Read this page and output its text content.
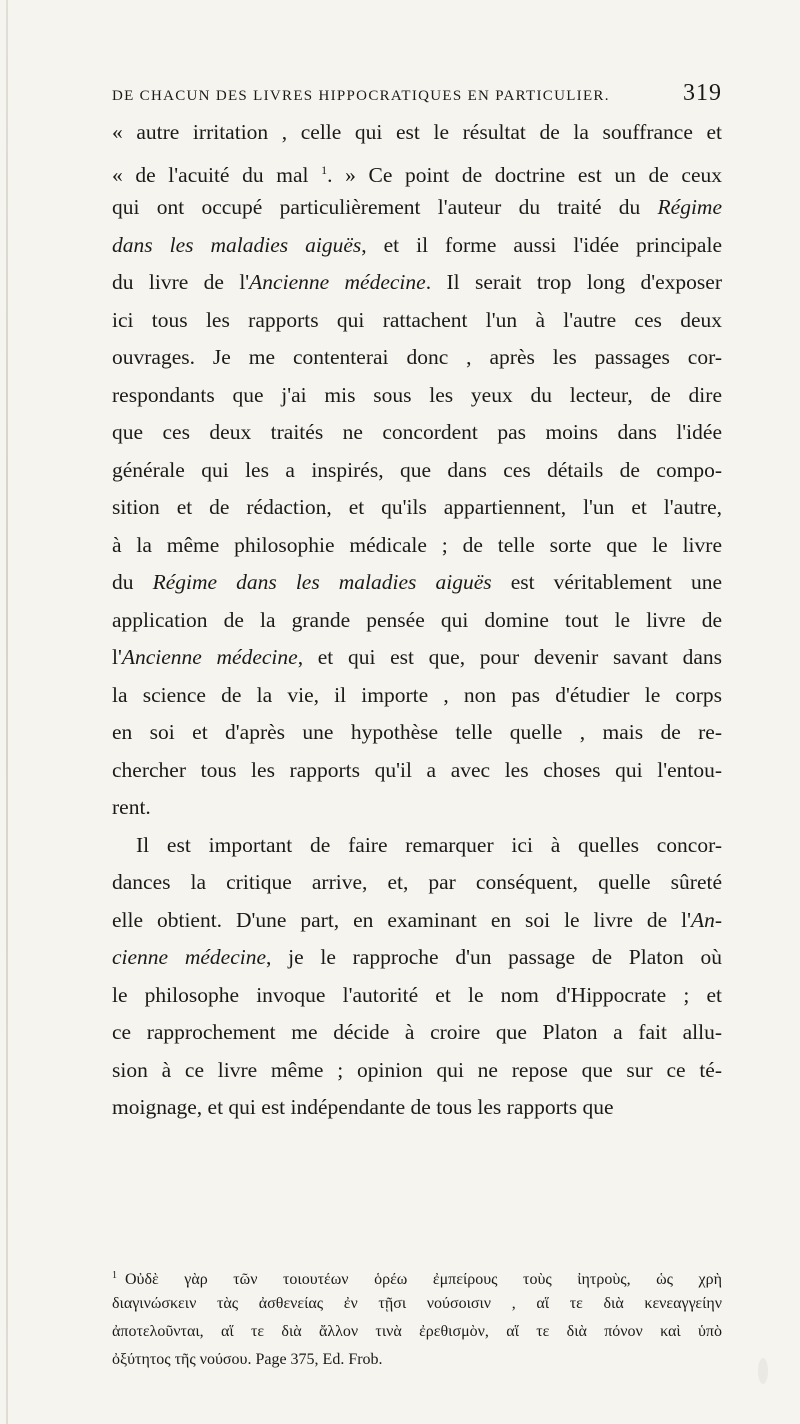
DE CHACUN DES LIVRES HIPPOCRATIQUES EN PARTICULIER.	319
« autre irritation , celle qui est le résultat de la souffrance et
« de l'acuité du mal $^1$. » Ce point de doctrine est un de ceux
qui ont occupé particulièrement l'auteur du traité du Régime
dans les maladies aiguës, et il forme aussi l'idée principale
du livre de l'Ancienne médecine. Il serait trop long d'exposer
ici tous les rapports qui rattachent l'un à l'autre ces deux
ouvrages. Je me contenterai donc , après les passages cor-
respondants que j'ai mis sous les yeux du lecteur, de dire
que ces deux traités ne concordent pas moins dans l'idée
générale qui les a inspirés, que dans ces détails de compo-
sition et de rédaction, et qu'ils appartiennent, l'un et l'autre,
à la même philosophie médicale ; de telle sorte que le livre
du Régime dans les maladies aiguës est véritablement une
application de la grande pensée qui domine tout le livre de
l'Ancienne médecine, et qui est que, pour devenir savant dans
la science de la vie, il importe , non pas d'étudier le corps
en soi et d'après une hypothèse telle quelle , mais de re-
chercher tous les rapports qu'il a avec les choses qui l'entou-
rent.
Il est important de faire remarquer ici à quelles concor-
dances la critique arrive, et, par conséquent, quelle sûreté
elle obtient. D'une part, en examinant en soi le livre de l'An-
cienne médecine, je le rapproche d'un passage de Platon où
le philosophe invoque l'autorité et le nom d'Hippocrate ; et
ce rapprochement me décide à croire que Platon a fait allu-
sion à ce livre même ; opinion qui ne repose que sur ce té-
moignage, et qui est indépendante de tous les rapports que
$^1$ Οὐδὲ γὰρ τῶν τοιουτέων ὁρέω ἐμπείρους τοὺς ἰητροὺς, ὡς χρὴ
διαγινώσκειν τὰς ἀσθενείας ἐν τῇσι νούσοισιν , αἵ τε διὰ κενεαγγείην
ἀποτελοῦνται, αἵ τε διὰ ἄλλον τινὰ ἐρεθισμὸν, αἵ τε διὰ πόνον καὶ ὑπὸ
ὀξύτητος τῆς νούσου. Page 375, Ed. Frob.
